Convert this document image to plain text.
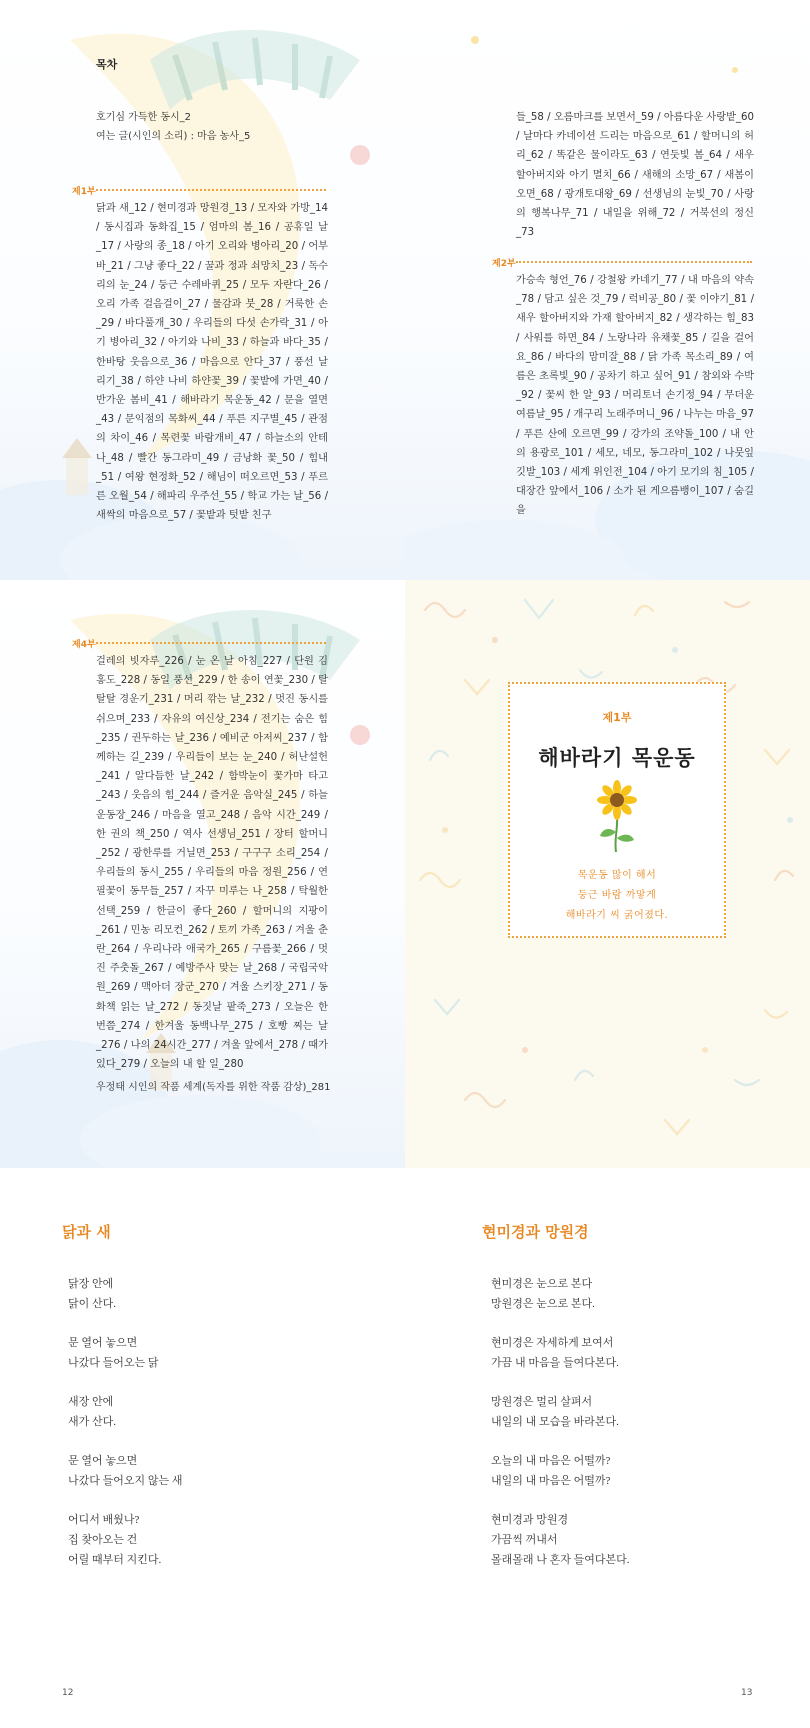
목차
호기심 가득한 동시_2
여는 글(시인의 소리) : 마음 농사_5
제1부
닭과 새_12 / 현미경과 망원경_13 / 모자와 가방_14 / 동시집과 동화집_15 / 엄마의 봄_16 / 공휴일 날_17 / 사랑의 종_18 / 아기 오리와 병아리_20 / 어부바_21 / 그냥 좋다_22 / 꿀과 정과 쇠망치_23 / 독수리의 눈_24 / 둥근 수레바퀴_25 / 모두 자란다_26 / 오리 가족 걸음걸이_27 / 물감과 붓_28 / 거룩한 손_29 / 바다풀개_30 / 우리들의 다섯 손가락_31 / 아기 병아리_32 / 아기와 나비_33 / 하늘과 바다_35 / 한바탕 웃음으로_36 / 마음으로 안다_37 / 풍선 날리기_38 / 하얀 나비 하얀꽃_39 / 꽃밭에 가면_40 / 반가운 봄비_41 / 해바라기 목운동_42 / 문을 열면_43 / 문익점의 목화씨_44 / 푸른 지구별_45 / 관점의 차이_46 / 목련꽃 바람개비_47 / 하늘소의 안테나_48 / 빨간 동그라미_49 / 금낭화 꽃_50 / 힘내_51 / 여왕 현정화_52 / 해님이 떠오르면_53 / 푸르른 오월_54 / 해파리 우주선_55 / 학교 가는 날_56 / 새싹의 마음으로_57 / 꽃밭과 텃밭 친구
들_58 / 오름마크를 보면서_59 / 아름다운 사랑밭_60 / 날마다 카네이션 드리는 마음으로_61 / 할머니의 허리_62 / 똑같은 물이라도_63 / 연둣빛 봄_64 / 새우 할아버지와 아기 멸치_66 / 새해의 소망_67 / 새봄이 오면_68 / 광개토대왕_69 / 선생님의 눈빛_70 / 사랑의 행복나무_71 / 내일을 위해_72 / 거북선의 정신_73
제2부
가승속 형언_76 / 강철왕 카네기_77 / 내 마음의 약속_78 / 담고 싶은 것_79 / 럭비공_80 / 꽃 이야기_81 / 새우 할아버지와 가재 할아버지_82 / 생각하는 힘_83 / 사워를 하면_84 / 노랑나라 유채꽃_85 / 길을 걸어요_86 / 바다의 맘미잘_88 / 닭 가족 목소리_89 / 여름은 초록빛_90 / 공차기 하고 싶어_91 / 참외와 수박_92 / 꽃씨 한 알_93 / 머리토너 손기정_94 / 무더운 여름날_95 / 개구리 노래주머니_96 / 나누는 마음_97 / 푸른 산에 오르면_99 / 강가의 조약돌_100 / 내 안의 용광로_101 / 세모, 네모, 동그라미_102 / 나뭇잎 깃발_103 / 세계 위인전_104 / 아기 모기의 침_105 / 대장간 앞에서_106 / 소가 된 게으름뱅이_107 / 숨길을
제4부
걸레의 빗자루_226 / 눈 온 날 아침_227 / 단원 김홍도_228 / 동일 풍선_229 / 한 송이 연꽃_230 / 탈탈탈 경운기_231 / 머리 깎는 날_232 / 멋진 동시를 쉬으며_233 / 자유의 여신상_234 / 전기는 숨은 힘_235 / 권두하는 날_236 / 예비군 아저씨_237 / 함께하는 길_239 / 우리들이 보는 눈_240 / 허난설헌_241 / 알다듬한 날_242 / 함박눈이 꽃가마 타고_243 / 웃음의 힘_244 / 즐거운 음악실_245 / 하늘 운동장_246 / 마음을 열고_248 / 음악 시간_249 / 한 권의 책_250 / 역사 선생님_251 / 장터 할머니_252 / 광한루를 거닐면_253 / 구구구 소리_254 / 우리들의 동시_255 / 우리들의 마음 정원_256 / 연필꽃이 동무들_257 / 자꾸 미루는 나_258 / 탁월한 선택_259 / 한글이 좋다_260 / 할머니의 지팡이_261 / 민농 리모컨_262 / 토끼 가족_263 / 겨울 춘란_264 / 우리나라 애국가_265 / 구름꽃_266 / 멋진 주춧돌_267 / 예방주사 맞는 날_268 / 국립국악원_269 / 맥아더 장군_270 / 겨울 스키장_271 / 동화책 읽는 날_272 / 동짓날 팥죽_273 / 오늘은 한 번쯤_274 / 한겨울 동백나무_275 / 호빵 찌는 날_276 / 나의 24시간_277 / 겨울 앞에서_278 / 때가 있다_279 / 오늘의 내 할 일_280
우정태 시인의 작품 세계(독자를 위한 작품 감상)_281
제1부
해바라기 목운동
목운동 많이 해서
둥근 바람 까맣게
해바라기 씨 굵어졌다.
닭과 새
닭장 안에
닭이 산다.
문 열어 놓으면
나갔다 들어오는 닭
새장 안에
새가 산다.
문 열어 놓으면
나갔다 들어오지 않는 새
어디서 배웠나?
집 찾아오는 건
어릴 때부터 지킨다.
현미경과 망원경
현미경은 눈으로 본다
망원경은 눈으로 본다.
현미경은 자세하게 보여서
가끔 내 마음을 들여다본다.
망원경은 멀리 살펴서
내일의 내 모습을 바라본다.
오늘의 내 마음은 어떨까?
내일의 내 마음은 어떨까?
현미경과 망원경
가끔씩 꺼내서
몰래몰래 나 혼자 들여다본다.
12	13
